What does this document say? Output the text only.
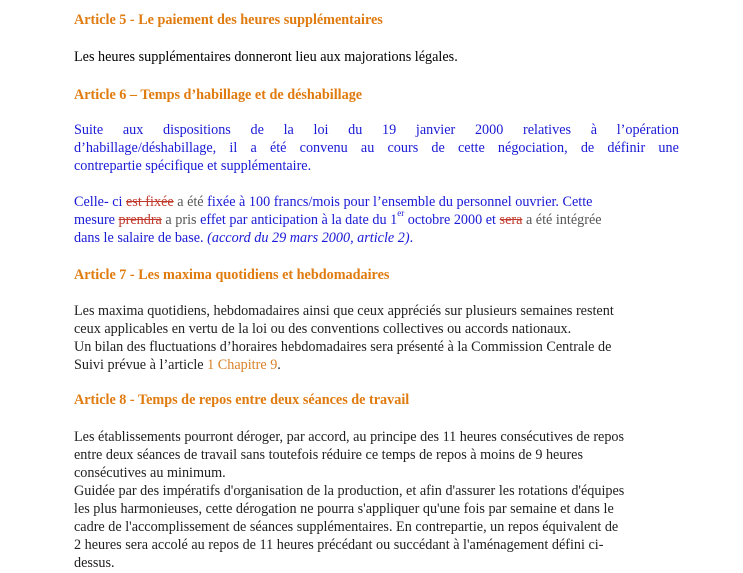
Article 5 - Le paiement des heures supplémentaires
Les heures supplémentaires donneront lieu aux majorations légales.
Article 6 – Temps d’habillage et de déshabillage
Suite aux dispositions de la loi du 19 janvier 2000 relatives à l’opération
d’habillage/déshabillage, il a été convenu au cours de cette négociation, de définir une
contrepartie spécifique et supplémentaire.
Celle- ci est fixée a été fixée à 100 francs/mois pour l’ensemble du personnel ouvrier. Cette
mesure prendra a pris effet par anticipation à la date du 1er octobre 2000 et sera a été intégrée
dans le salaire de base. (accord du 29 mars 2000, article 2).
Article 7 - Les maxima quotidiens et hebdomadaires
Les maxima quotidiens, hebdomadaires ainsi que ceux appréciés sur plusieurs semaines restent
ceux applicables en vertu de la loi ou des conventions collectives ou accords nationaux.
Un bilan des fluctuations d’horaires hebdomadaires sera présenté à la Commission Centrale de
Suivi prévue à l’article 1 Chapitre 9.
Article 8 - Temps de repos entre deux séances de travail
Les établissements pourront déroger, par accord, au principe des 11 heures consécutives de repos
entre deux séances de travail sans toutefois réduire ce temps de repos à moins de 9 heures
consécutives au minimum.
Guidée par des impératifs d'organisation de la production, et afin d'assurer les rotations d'équipes
les plus harmonieuses, cette dérogation ne pourra s'appliquer qu'une fois par semaine et dans le
cadre de l'accomplissement de séances supplémentaires. En contrepartie, un repos équivalent de
2 heures sera accolé au repos de 11 heures précédant ou succédant à l'aménagement défini ci-
dessus.
